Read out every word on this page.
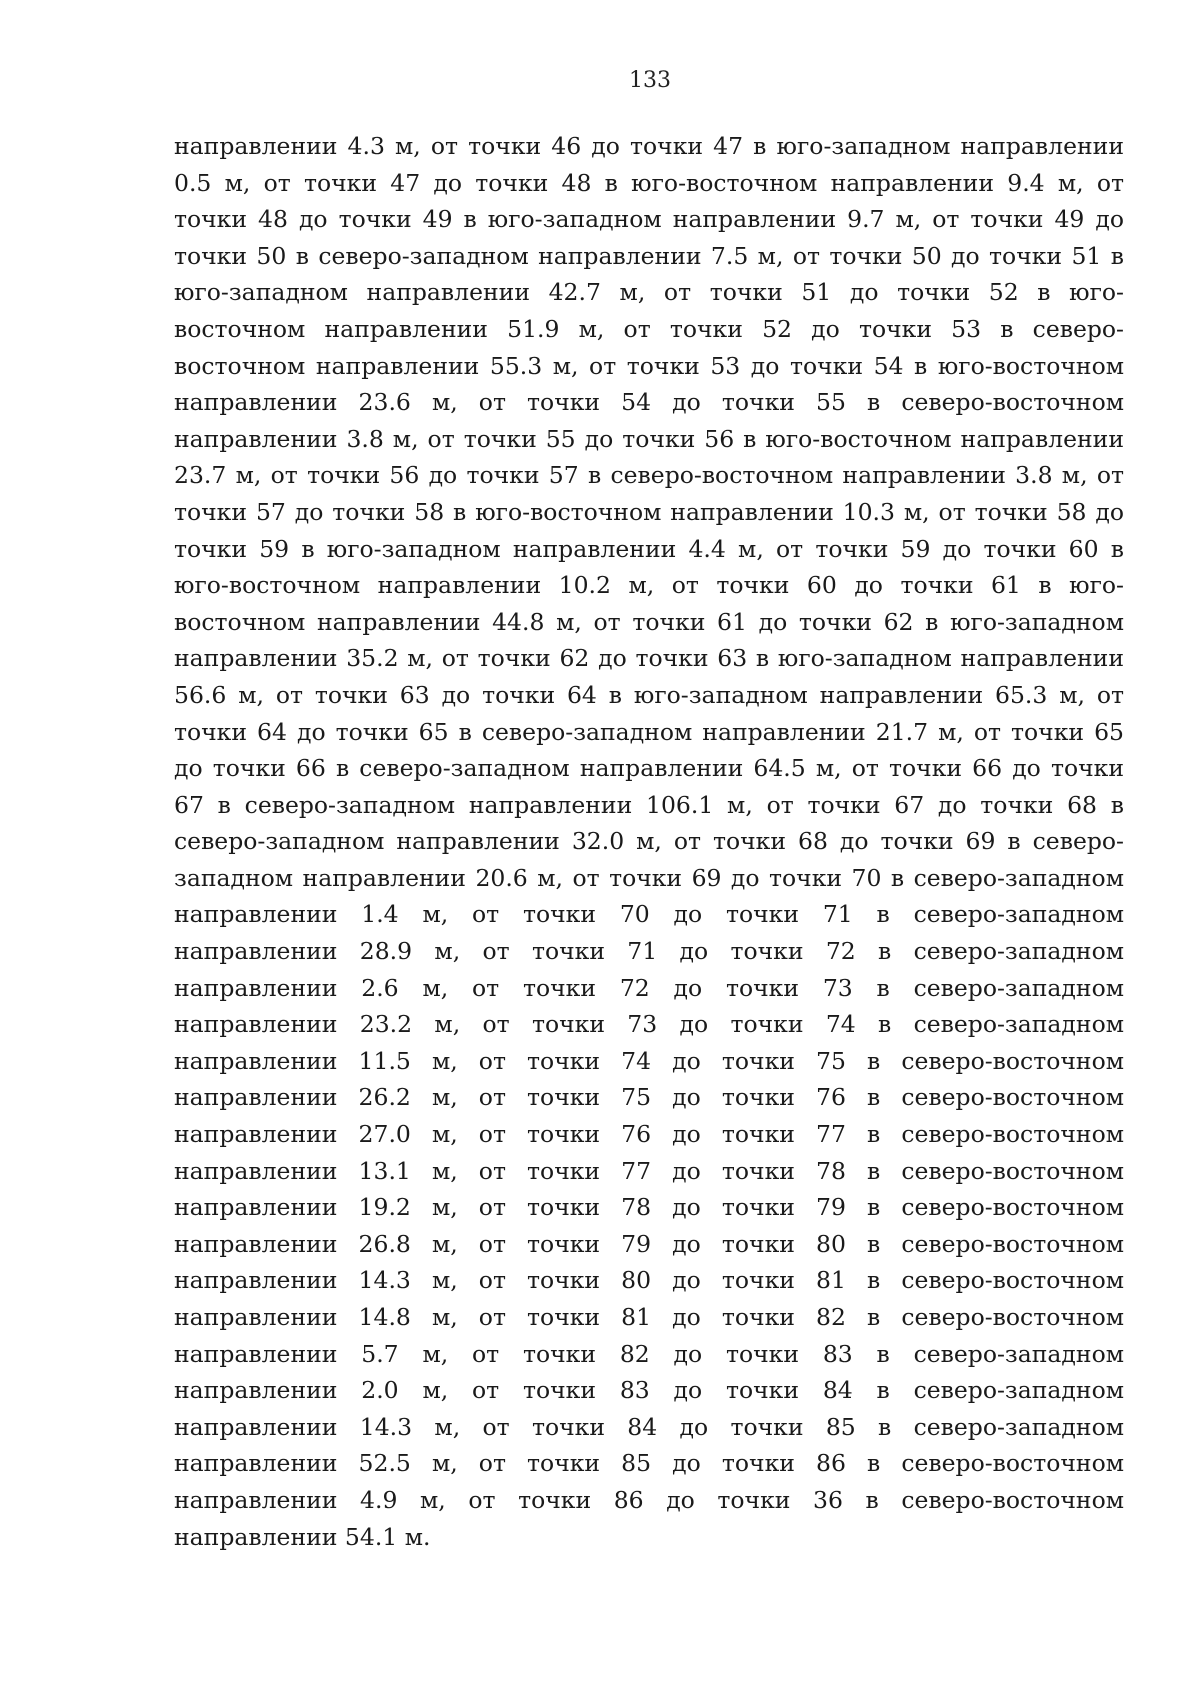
133

направлении 4.3 м, от точки 46 до точки 47 в юго-западном направлении 0.5 м, от точки 47 до точки 48 в юго-восточном направлении 9.4 м, от точки 48 до точки 49 в юго-западном направлении 9.7 м, от точки 49 до точки 50 в северо-западном направлении 7.5 м, от точки 50 до точки 51 в юго-западном направлении 42.7 м, от точки 51 до точки 52 в юго-восточном направлении 51.9 м, от точки 52 до точки 53 в северо-восточном направлении 55.3 м, от точки 53 до точки 54 в юго-восточном направлении 23.6 м, от точки 54 до точки 55 в северо-восточном направлении 3.8 м, от точки 55 до точки 56 в юго-восточном направлении 23.7 м, от точки 56 до точки 57 в северо-восточном направлении 3.8 м, от точки 57 до точки 58 в юго-восточном направлении 10.3 м, от точки 58 до точки 59 в юго-западном направлении 4.4 м, от точки 59 до точки 60 в юго-восточном направлении 10.2 м, от точки 60 до точки 61 в юго-восточном направлении 44.8 м, от точки 61 до точки 62 в юго-западном направлении 35.2 м, от точки 62 до точки 63 в юго-западном направлении 56.6 м, от точки 63 до точки 64 в юго-западном направлении 65.3 м, от точки 64 до точки 65 в северо-западном направлении 21.7 м, от точки 65 до точки 66 в северо-западном направлении 64.5 м, от точки 66 до точки 67 в северо-западном направлении 106.1 м, от точки 67 до точки 68 в северо-западном направлении 32.0 м, от точки 68 до точки 69 в северо-западном направлении 20.6 м, от точки 69 до точки 70 в северо-западном направлении 1.4 м, от точки 70 до точки 71 в северо-западном направлении 28.9 м, от точки 71 до точки 72 в северо-западном направлении 2.6 м, от точки 72 до точки 73 в северо-западном направлении 23.2 м, от точки 73 до точки 74 в северо-западном направлении 11.5 м, от точки 74 до точки 75 в северо-восточном направлении 26.2 м, от точки 75 до точки 76 в северо-восточном направлении 27.0 м, от точки 76 до точки 77 в северо-восточном направлении 13.1 м, от точки 77 до точки 78 в северо-восточном направлении 19.2 м, от точки 78 до точки 79 в северо-восточном направлении 26.8 м, от точки 79 до точки 80 в северо-восточном направлении 14.3 м, от точки 80 до точки 81 в северо-восточном направлении 14.8 м, от точки 81 до точки 82 в северо-восточном направлении 5.7 м, от точки 82 до точки 83 в северо-западном направлении 2.0 м, от точки 83 до точки 84 в северо-западном направлении 14.3 м, от точки 84 до точки 85 в северо-западном направлении 52.5 м, от точки 85 до точки 86 в северо-восточном направлении 4.9 м, от точки 86 до точки 36 в северо-восточном направлении 54.1 м.
